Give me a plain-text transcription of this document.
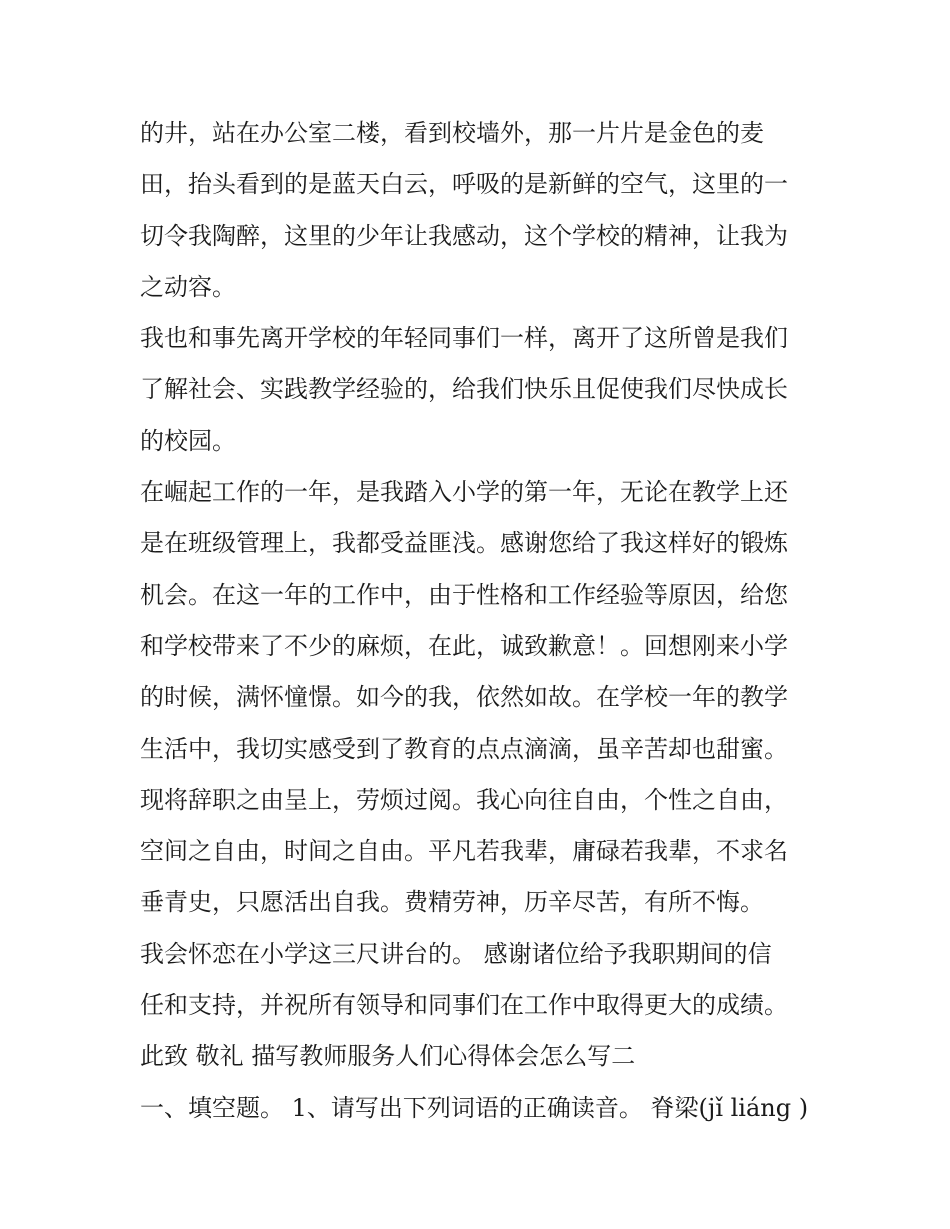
的井，站在办公室二楼，看到校墙外，那一片片是金色的麦
田，抬头看到的是蓝天白云，呼吸的是新鲜的空气，这里的一
切令我陶醉，这里的少年让我感动，这个学校的精神，让我为
之动容。
我也和事先离开学校的年轻同事们一样，离开了这所曾是我们
了解社会、实践教学经验的，给我们快乐且促使我们尽快成长
的校园。
在崛起工作的一年，是我踏入小学的第一年，无论在教学上还
是在班级管理上，我都受益匪浅。感谢您给了我这样好的锻炼
机会。在这一年的工作中，由于性格和工作经验等原因，给您
和学校带来了不少的麻烦，在此，诚致歉意！。回想刚来小学
的时候，满怀憧憬。如今的我，依然如故。在学校一年的教学
生活中，我切实感受到了教育的点点滴滴，虽辛苦却也甜蜜。
现将辞职之由呈上，劳烦过阅。我心向往自由，个性之自由，
空间之自由，时间之自由。平凡若我辈，庸碌若我辈，不求名
垂青史，只愿活出自我。费精劳神，历辛尽苦，有所不悔。
我会怀恋在小学这三尺讲台的。 感谢诸位给予我职期间的信
任和支持，并祝所有领导和同事们在工作中取得更大的成绩。
此致 敬礼 描写教师服务人们心得体会怎么写二
一、填空题。 1、请写出下列词语的正确读音。 脊梁(jǐ liáng )
